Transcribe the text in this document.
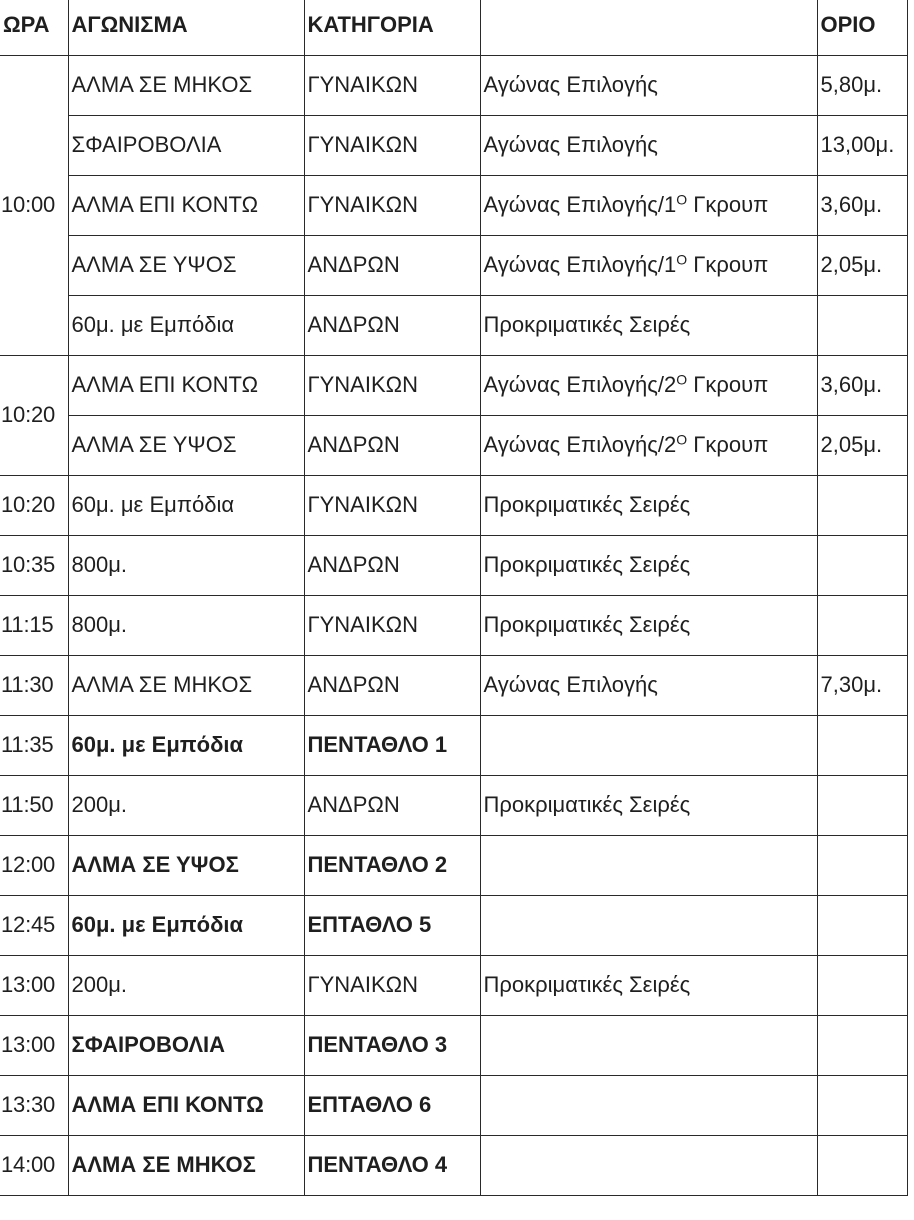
ΩΡΑ	ΑΓΩΝΙΣΜΑ	ΚΑΤΗΓΟΡΙΑ		ΟΡΙΟ
10:00	ΑΛΜΑ ΣΕ ΜΗΚΟΣ	ΓΥΝΑΙΚΩΝ	Αγώνας Επιλογής	5,80μ.
	ΣΦΑΙΡΟΒΟΛΙΑ	ΓΥΝΑΙΚΩΝ	Αγώνας Επιλογής	13,00μ.
	ΑΛΜΑ ΕΠΙ ΚΟΝΤΩ	ΓΥΝΑΙΚΩΝ	Αγώνας Επιλογής/$1^O$ Γκρουπ	3,60μ.
	ΑΛΜΑ ΣΕ ΥΨΟΣ	ΑΝΔΡΩΝ	Αγώνας Επιλογής/$1^O$ Γκρουπ	2,05μ.
	60μ. με Εμπόδια	ΑΝΔΡΩΝ	Προκριματικές Σειρές	
10:20	ΑΛΜΑ ΕΠΙ ΚΟΝΤΩ	ΓΥΝΑΙΚΩΝ	Αγώνας Επιλογής/$2^O$ Γκρουπ	3,60μ.
	ΑΛΜΑ ΣΕ ΥΨΟΣ	ΑΝΔΡΩΝ	Αγώνας Επιλογής/$2^O$ Γκρουπ	2,05μ.
10:20	60μ. με Εμπόδια	ΓΥΝΑΙΚΩΝ	Προκριματικές Σειρές	
10:35	800μ.	ΑΝΔΡΩΝ	Προκριματικές Σειρές	
11:15	800μ.	ΓΥΝΑΙΚΩΝ	Προκριματικές Σειρές	
11:30	ΑΛΜΑ ΣΕ ΜΗΚΟΣ	ΑΝΔΡΩΝ	Αγώνας Επιλογής	7,30μ.
11:35	60μ. με Εμπόδια	ΠΕΝΤΑΘΛΟ 1		
11:50	200μ.	ΑΝΔΡΩΝ	Προκριματικές Σειρές	
12:00	ΑΛΜΑ ΣΕ ΥΨΟΣ	ΠΕΝΤΑΘΛΟ 2		
12:45	60μ. με Εμπόδια	ΕΠΤΑΘΛΟ 5		
13:00	200μ.	ΓΥΝΑΙΚΩΝ	Προκριματικές Σειρές	
13:00	ΣΦΑΙΡΟΒΟΛΙΑ	ΠΕΝΤΑΘΛΟ 3		
13:30	ΑΛΜΑ ΕΠΙ ΚΟΝΤΩ	ΕΠΤΑΘΛΟ 6		
14:00	ΑΛΜΑ ΣΕ ΜΗΚΟΣ	ΠΕΝΤΑΘΛΟ 4		
